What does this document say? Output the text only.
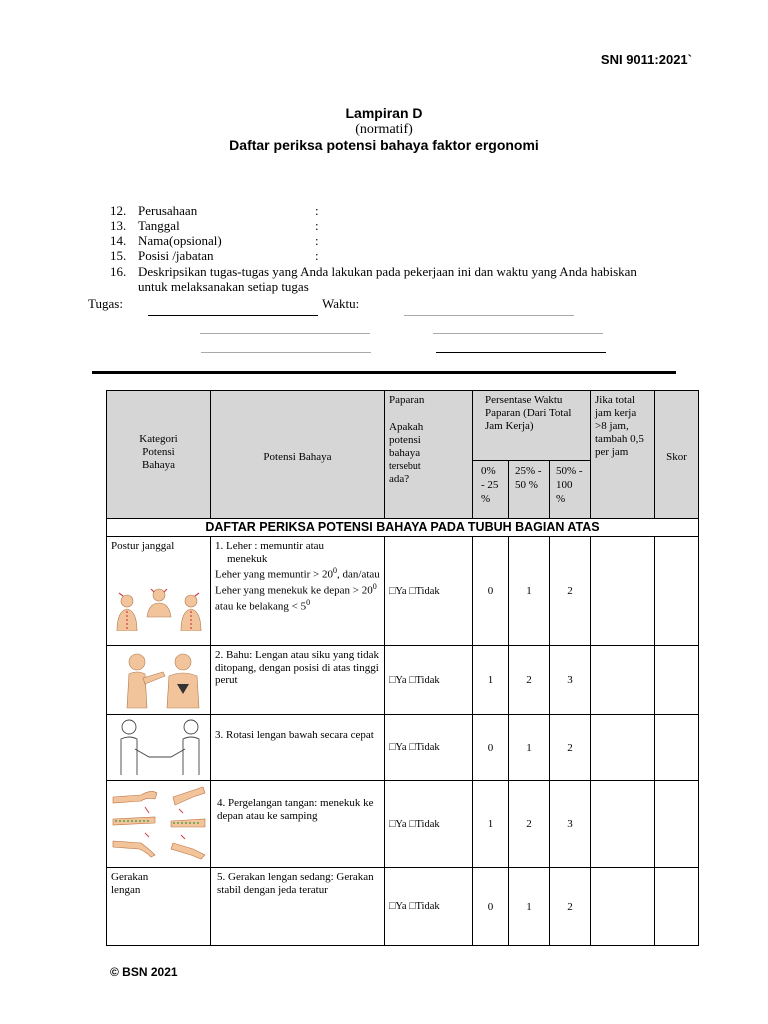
SNI 9011:2021`
Lampiran D
(normatif)
Daftar periksa potensi bahaya faktor ergonomi
12. Perusahaan	:
13. Tanggal	:
14. Nama(opsional)	:
15. Posisi /jabatan	:
16. Deskripsikan tugas-tugas yang Anda lakukan pada pekerjaan ini dan waktu yang Anda habiskan untuk melaksanakan setiap tugas
Tugas:	Waktu:
Kategori Potensi Bahaya	Potensi Bahaya	Paparan
Apakah potensi bahaya
tersebut
ada?	Persentase Waktu Paparan (Dari Total Jam Kerja)			Jika total jam kerja >8 jam, tambah 0,5 per jam	Skor

			0% - 25 %	25% - 50 %	50% - 100 %		

DAFTAR PERIKSA POTENSI BAHAYA PADA TUBUH BAGIAN ATAS							

Postur janggal	1. Leher : memuntir atau
menekuk
Leher yang memuntir > $20^0$, dan/atau Leher yang menekuk ke depan > $20^0$ atau ke belakang < $5^0$	□Ya □Tidak	0	1	2		

2. Bahu: Lengan atau siku yang tidak ditopang, dengan posisi di atas tinggi perut	□Ya □Tidak	1	2	3		

3. Rotasi lengan bawah secara cepat	□Ya □Tidak	0	1	2		

4. Pergelangan tangan: menekuk ke depan atau ke samping	□Ya □Tidak	1	2	3		

Gerakan lengan	5. Gerakan lengan sedang: Gerakan stabil dengan jeda teratur	□Ya □Tidak	0	1	2		
© BSN 2021
